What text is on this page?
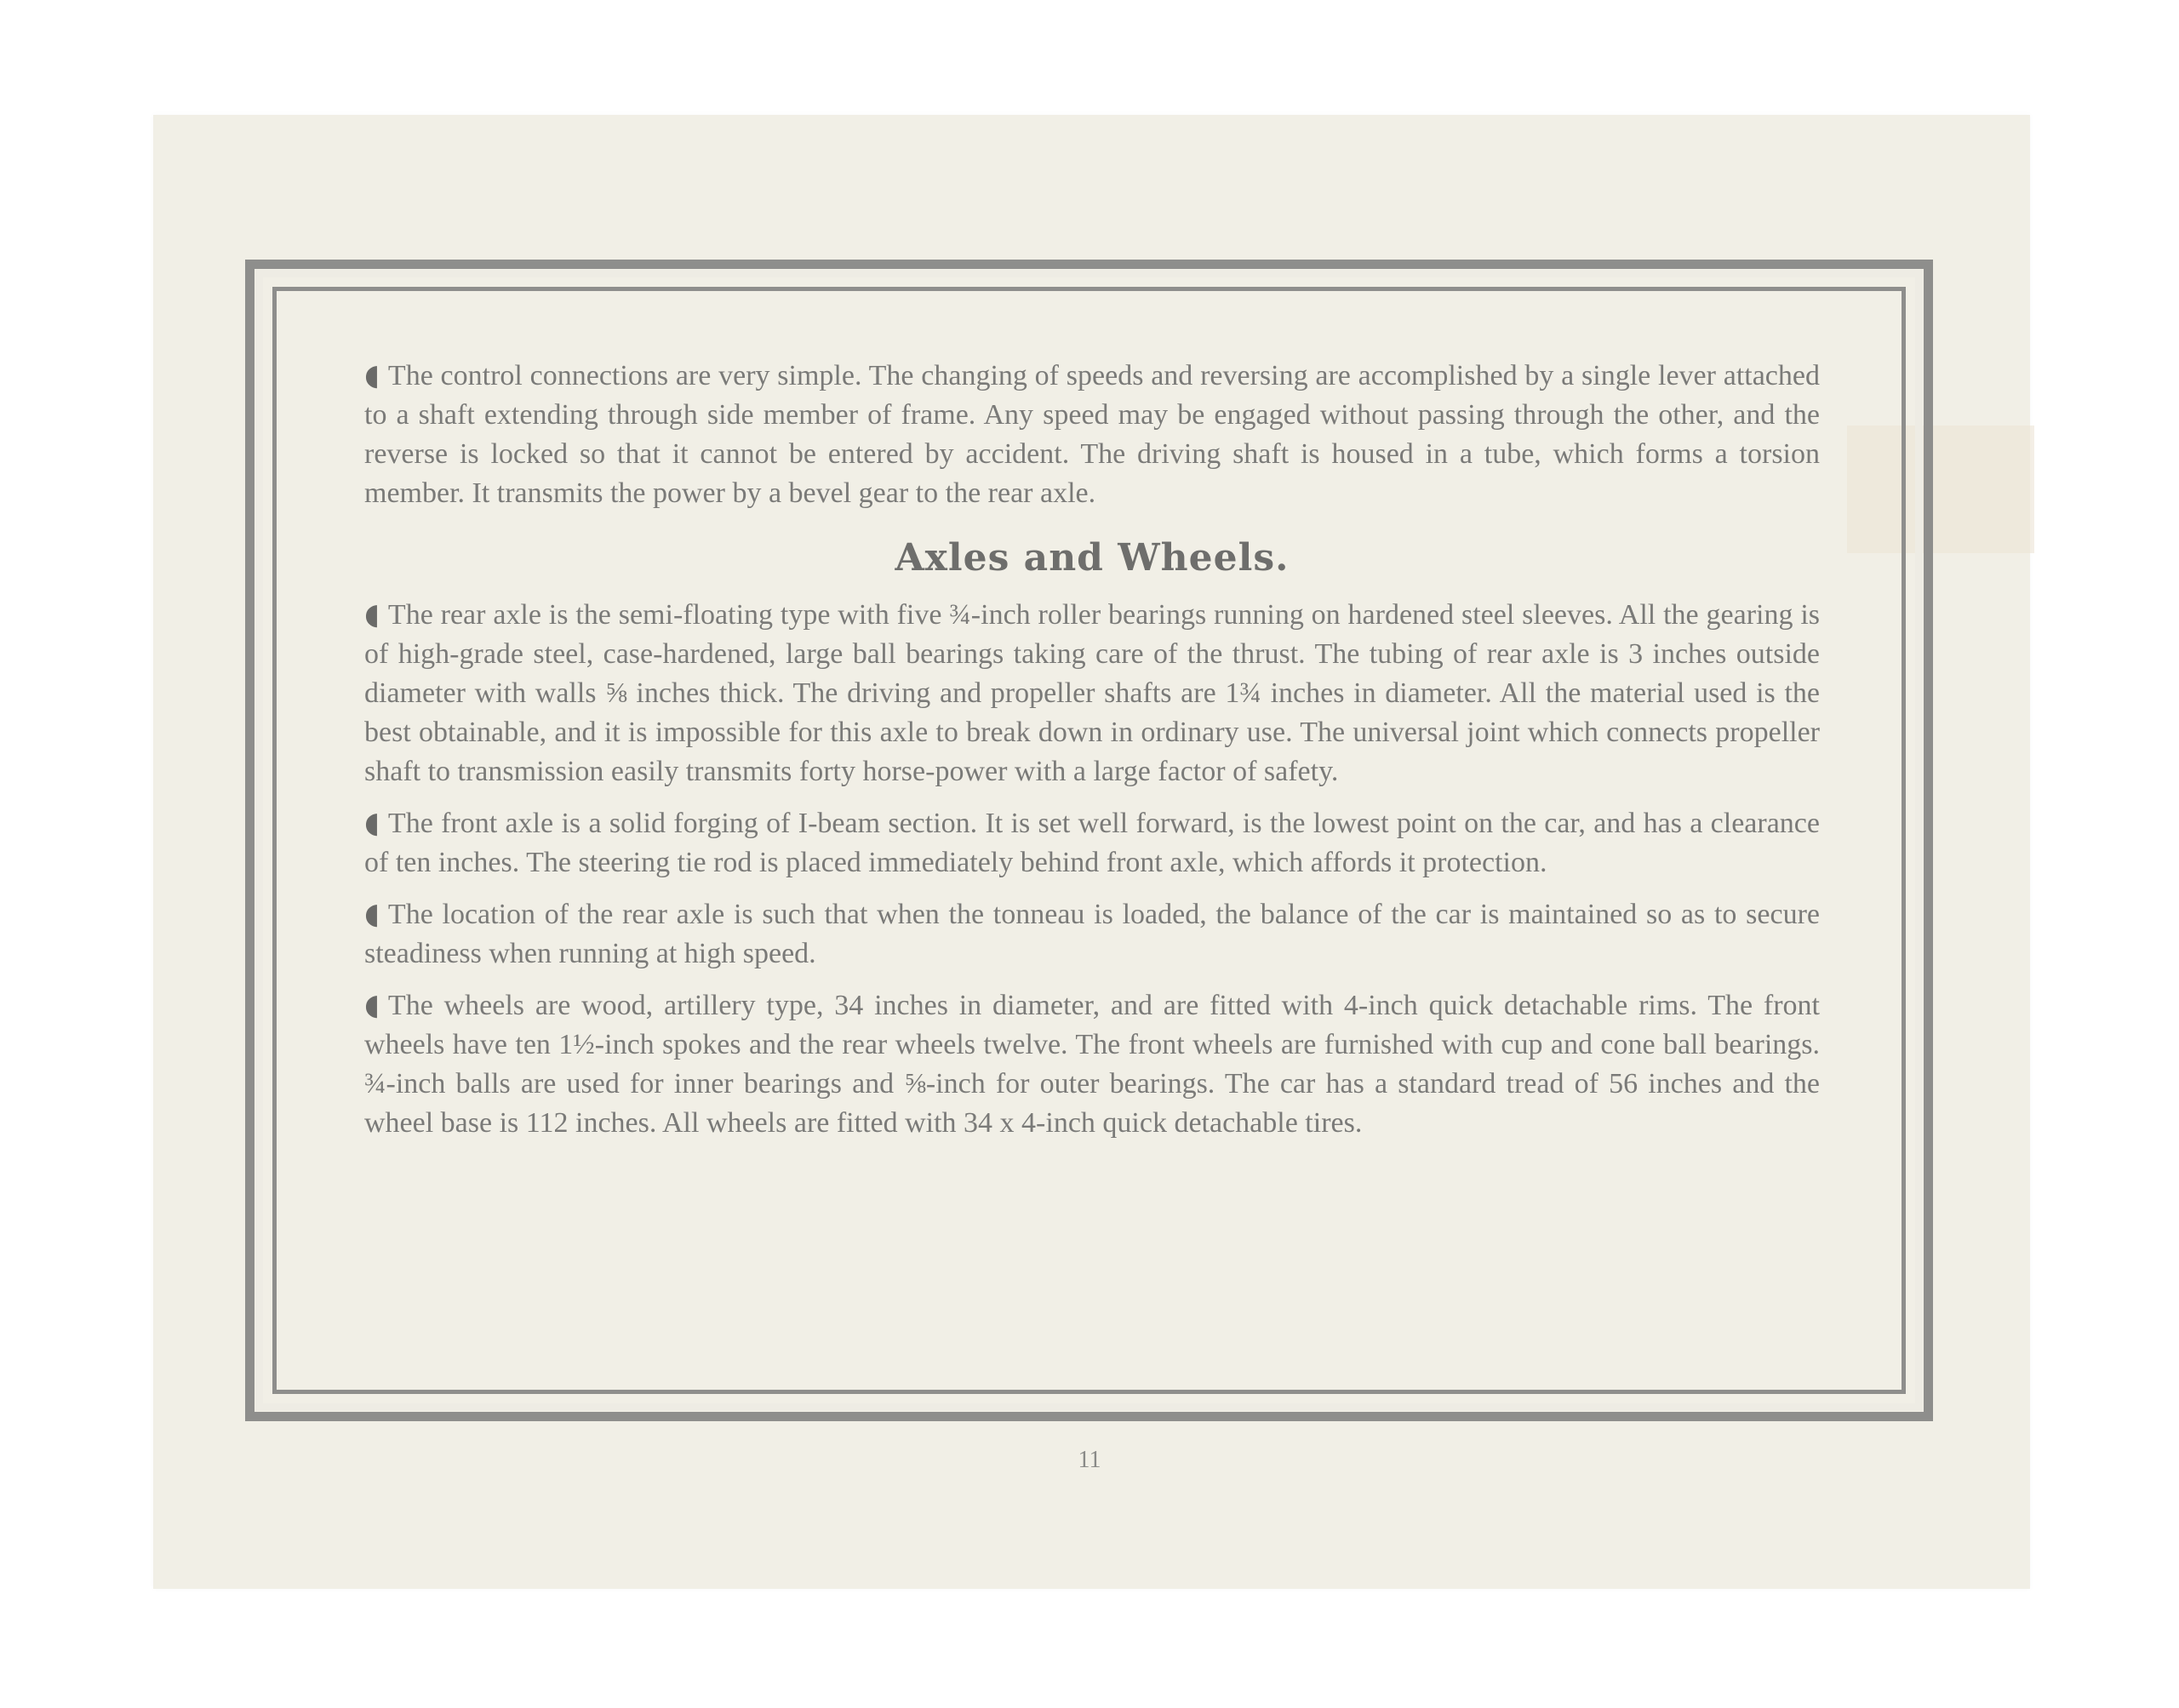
◖ The control connections are very simple. The changing of speeds and reversing are accomplished by a single lever attached to a shaft extending through side member of frame. Any speed may be engaged without passing through the other, and the reverse is locked so that it cannot be entered by accident. The driving shaft is housed in a tube, which forms a torsion member. It transmits the power by a bevel gear to the rear axle.

Axles and Wheels.

◖ The rear axle is the semi-floating type with five ¾-inch roller bearings running on hardened steel sleeves. All the gearing is of high-grade steel, case-hardened, large ball bearings taking care of the thrust. The tubing of rear axle is 3 inches outside diameter with walls ⅝ inches thick. The driving and propeller shafts are 1¾ inches in diameter. All the material used is the best obtainable, and it is impossible for this axle to break down in ordinary use. The universal joint which connects propeller shaft to transmission easily transmits forty horse-power with a large factor of safety.

◖ The front axle is a solid forging of I-beam section. It is set well forward, is the lowest point on the car, and has a clearance of ten inches. The steering tie rod is placed immediately behind front axle, which affords it protection.

◖ The location of the rear axle is such that when the tonneau is loaded, the balance of the car is maintained so as to secure steadiness when running at high speed.

◖ The wheels are wood, artillery type, 34 inches in diameter, and are fitted with 4-inch quick detachable rims. The front wheels have ten 1½-inch spokes and the rear wheels twelve. The front wheels are furnished with cup and cone ball bearings. ¾-inch balls are used for inner bearings and ⅝-inch for outer bearings. The car has a standard tread of 56 inches and the wheel base is 112 inches. All wheels are fitted with 34 x 4-inch quick detachable tires.

11
